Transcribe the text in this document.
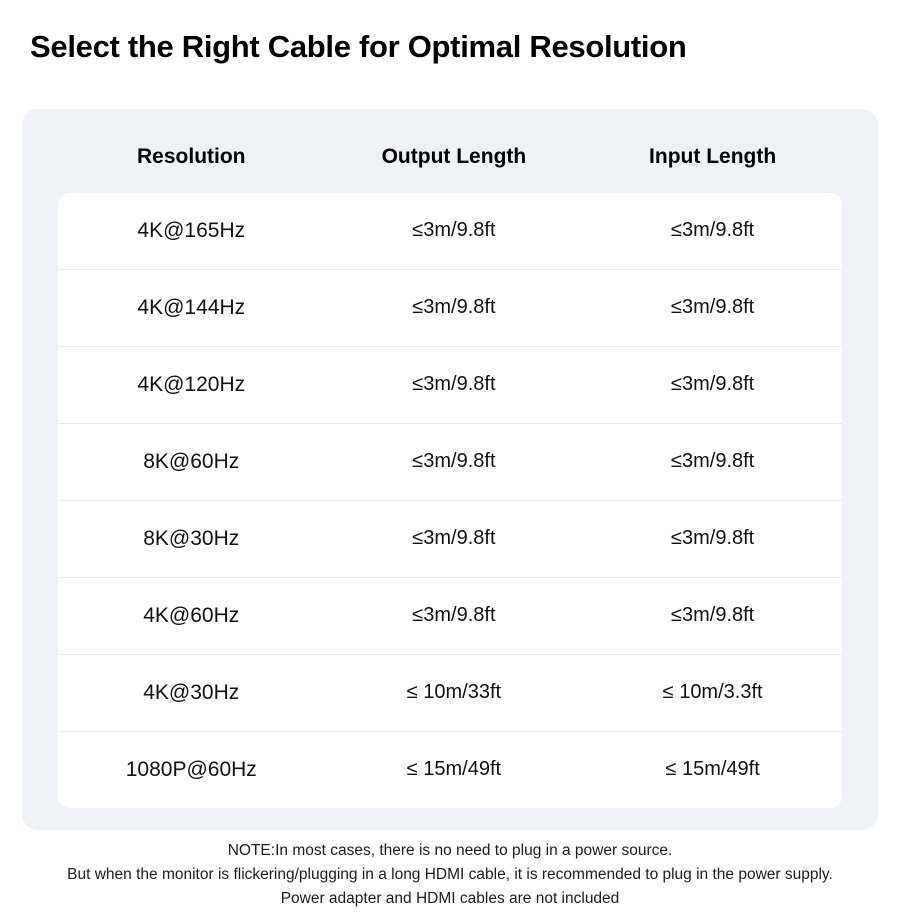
Select the Right Cable for Optimal Resolution
Resolution	Output Length	Input Length
4K@165Hz	≤3m/9.8ft	≤3m/9.8ft
4K@144Hz	≤3m/9.8ft	≤3m/9.8ft
4K@120Hz	≤3m/9.8ft	≤3m/9.8ft
8K@60Hz	≤3m/9.8ft	≤3m/9.8ft
8K@30Hz	≤3m/9.8ft	≤3m/9.8ft
4K@60Hz	≤3m/9.8ft	≤3m/9.8ft
4K@30Hz	≤ 10m/33ft	≤ 10m/3.3ft
1080P@60Hz	≤ 15m/49ft	≤ 15m/49ft
NOTE:In most cases, there is no need to plug in a power source.
But when the monitor is flickering/plugging in a long HDMI cable, it is recommended to plug in the power supply.
Power adapter and HDMI cables are not included
